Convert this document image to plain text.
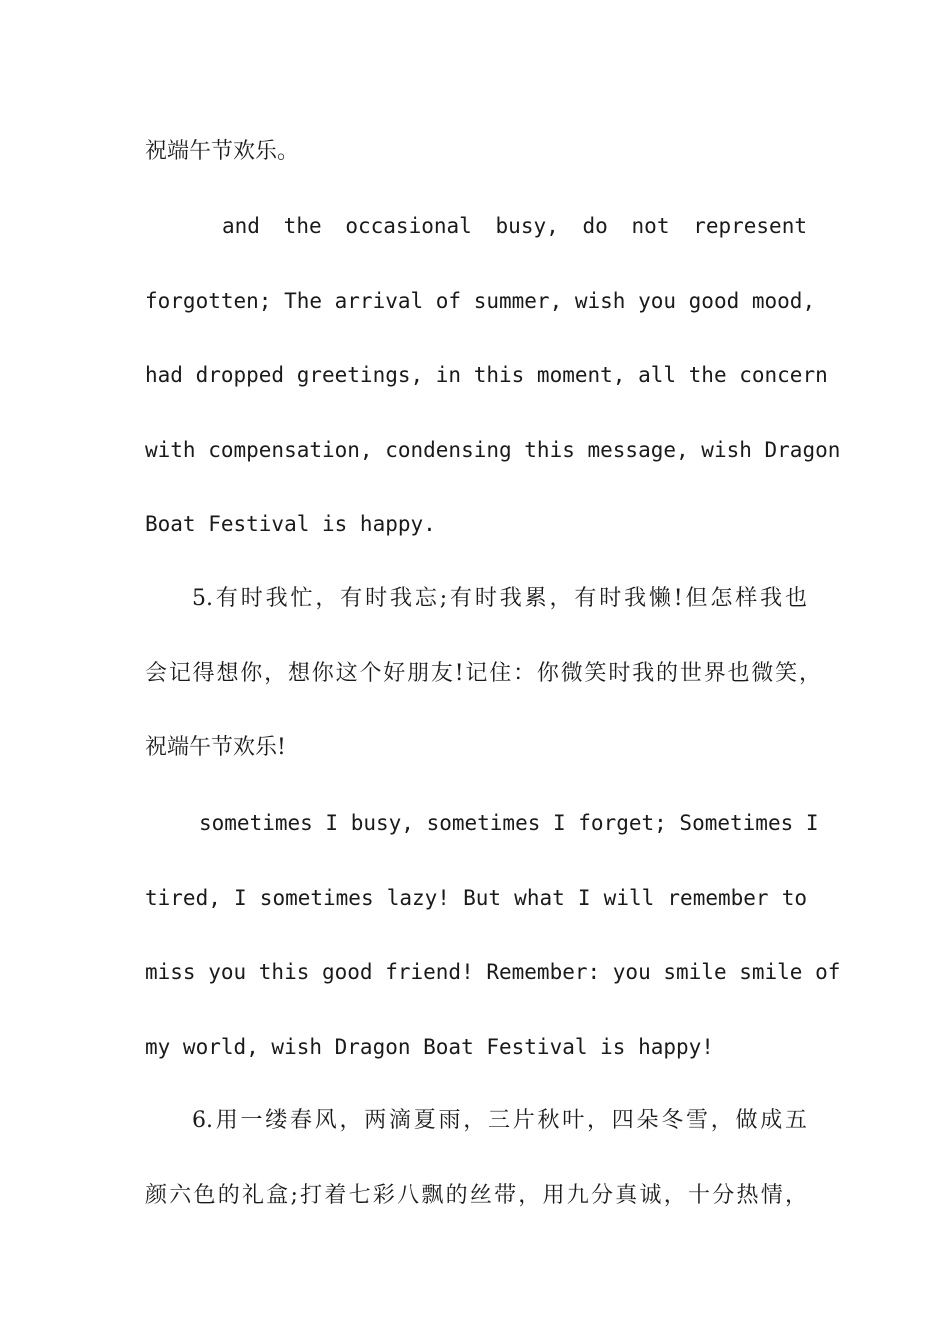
祝端午节欢乐。
and the occasional busy, do not represent
forgotten; The arrival of summer, wish you good mood,
had dropped greetings, in this moment, all the concern
with compensation, condensing this message, wish Dragon
Boat Festival is happy.
5.有时我忙，有时我忘;有时我累，有时我懒!但怎样我也
会记得想你，想你这个好朋友!记住：你微笑时我的世界也微笑，
祝端午节欢乐!
sometimes I busy, sometimes I forget; Sometimes I
tired, I sometimes lazy! But what I will remember to
miss you this good friend! Remember: you smile smile of
my world, wish Dragon Boat Festival is happy!
6.用一缕春风，两滴夏雨，三片秋叶，四朵冬雪，做成五
颜六色的礼盒;打着七彩八飘的丝带，用九分真诚，十分热情，
